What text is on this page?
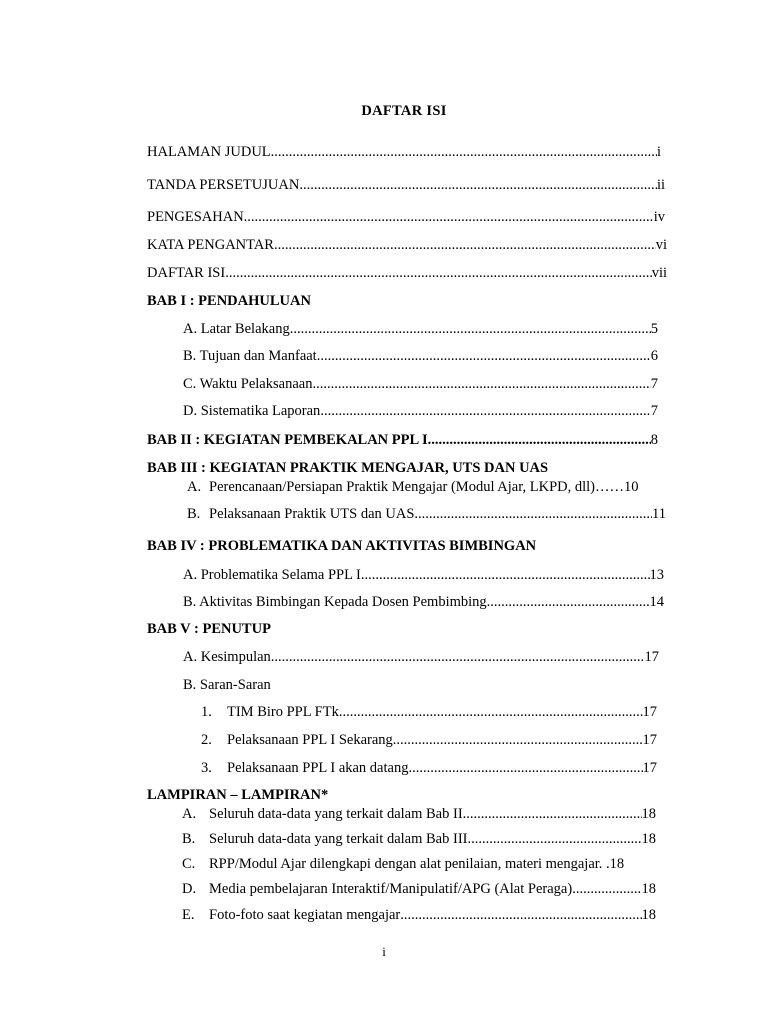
DAFTAR ISI
HALAMAN JUDUL .....	i
TANDA PERSETUJUAN .....	ii
PENGESAHAN .....	iv
KATA PENGANTAR .....	vi
DAFTAR ISI .....	vii
BAB I : PENDAHULUAN
A. Latar Belakang .....	5
B. Tujuan dan Manfaat .....	6
C. Waktu Pelaksanaan .....	7
D. Sistematika Laporan .....	7
BAB II : KEGIATAN PEMBEKALAN PPL I .....	8
BAB III : KEGIATAN PRAKTIK MENGAJAR, UTS DAN UAS
A. Perencanaan/Persiapan Praktik Mengajar (Modul Ajar, LKPD, dll) …… 10
B. Pelaksanaan Praktik UTS dan UAS .....	11
BAB IV : PROBLEMATIKA DAN AKTIVITAS BIMBINGAN
A. Problematika Selama PPL I .....	13
B. Aktivitas Bimbingan Kepada Dosen Pembimbing .....	14
BAB V : PENUTUP
A. Kesimpulan .....	17
B. Saran-Saran
1. TIM Biro PPL FTk .....	17
2. Pelaksanaan PPL I Sekarang .....	17
3. Pelaksanaan PPL I akan datang .....	17
LAMPIRAN – LAMPIRAN*
A. Seluruh data-data yang terkait dalam Bab II .....	18
B. Seluruh data-data yang terkait dalam Bab III .....	18
C. RPP/Modul Ajar dilengkapi dengan alat penilaian, materi mengajar. . 18
D. Media pembelajaran Interaktif/Manipulatif/APG (Alat Peraga) .....	18
E. Foto-foto saat kegiatan mengajar .....	18
i
